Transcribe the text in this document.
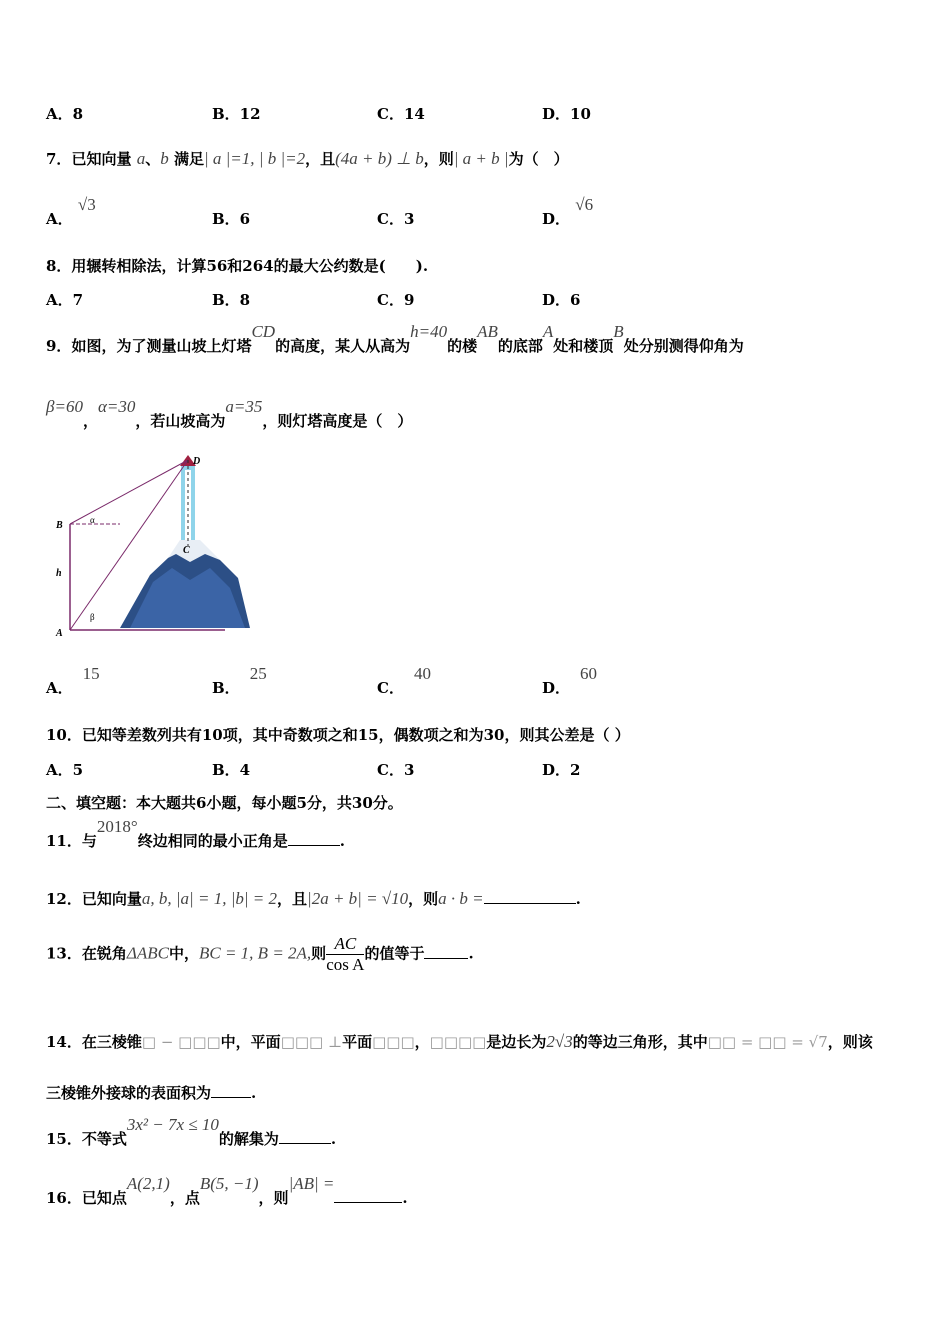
A．8	B．12	C．14	D．10
7．已知向量 a、b 满足| a |=1, | b |=2，且(4a + b) ⊥ b，则| a + b |为（　）
A． √3
B．6	C．3	D． √6
8．用辗转相除法，计算56和264的最大公约数是(　　).
A．7	B．8	C．9	D．6
9．如图，为了测量山坡上灯塔CD的高度，某人从高为h=40的楼AB的底部A处和楼顶B处分别测得仰角为
β=60，α=30，若山坡高为a=35，则灯塔高度是（　）
D
B	α
C
h
β
A
A．15
B．25
C．40
D．60
10．已知等差数列共有10项，其中奇数项之和15，偶数项之和为30，则其公差是（ ）
A．5	B．4	C．3	D．2
二、填空题：本大题共6小题，每小题5分，共30分。
11．与2018°终边相同的最小正角是	.
12．已知向量a, b, |a| = 1, |b| = 2，且|2a + b| = √10，则a · b =	.
13．在锐角ΔABC中，BC = 1, B = 2A,则 $\frac{AC}{\text{cos A}}$ 的值等于	.
14．在三棱锥□ − □□□中，平面□□□ ⊥平面□□□，□□□□是边长为2√3的等边三角形，其中□□ = □□ = √7，则该
三棱锥外接球的表面积为	.
15．不等式3x² − 7x ≤ 10的解集为	.
16．已知点A(2,1)，点B(5, −1)，则|AB| =.
